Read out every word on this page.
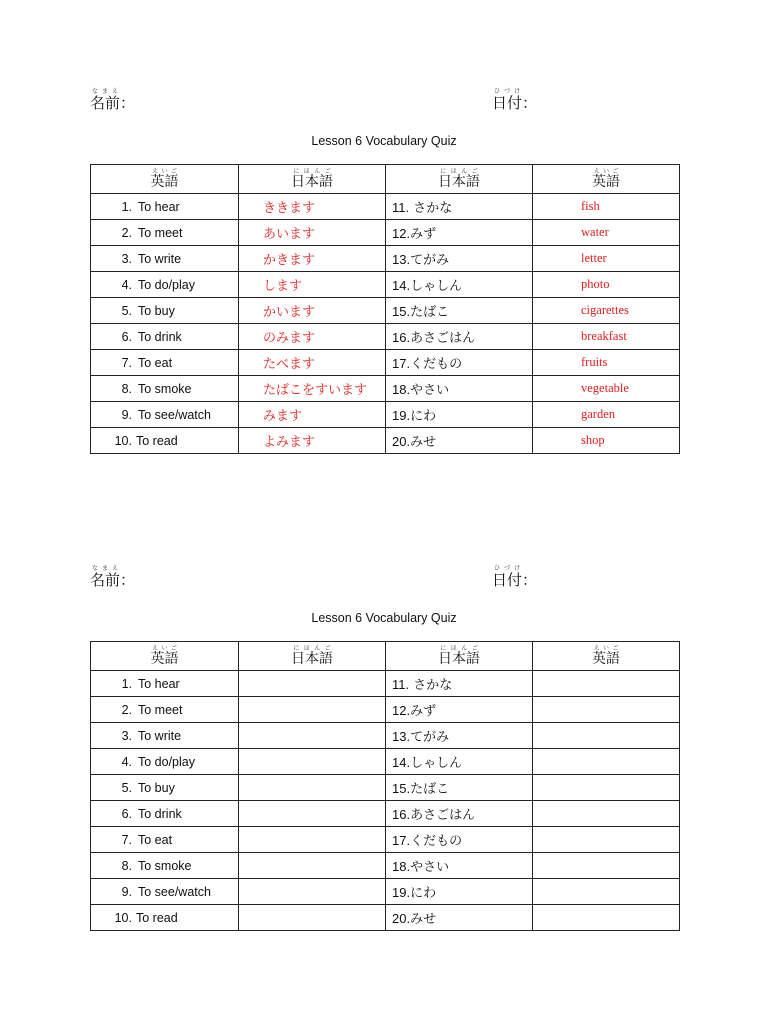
名前なまえ
：	日付ひづけ
：
Lesson 6 Vocabulary Quiz
英語えいご	日本語にほんご	日本語にほんご	英語えいご

1. To hear	ききます	11. さかな	fish

2. To meet	あいます	12.みず	water

3. To write	かきます	13.てがみ	letter

4. To do/play	します	14.しゃしん	photo

5. To buy	かいます	15.たばこ	cigarettes

6. To drink	のみます	16.あさごはん	breakfast

7. To eat	たべます	17.くだもの	fruits

8. To smoke	たばこをすいます	18.やさい	vegetable

9. To see/watch	みます	19.にわ	garden

10. To read	よみます	20.みせ	shop
名前なまえ
：	日付ひづけ
：
Lesson 6 Vocabulary Quiz
英語えいご	日本語にほんご	日本語にほんご	英語えいご

1. To hear		11. さかな	

2. To meet		12.みず	

3. To write		13.てがみ	

4. To do/play		14.しゃしん	

5. To buy		15.たばこ	

6. To drink		16.あさごはん	

7. To eat		17.くだもの	

8. To smoke		18.やさい	

9. To see/watch		19.にわ	

10. To read		20.みせ	
